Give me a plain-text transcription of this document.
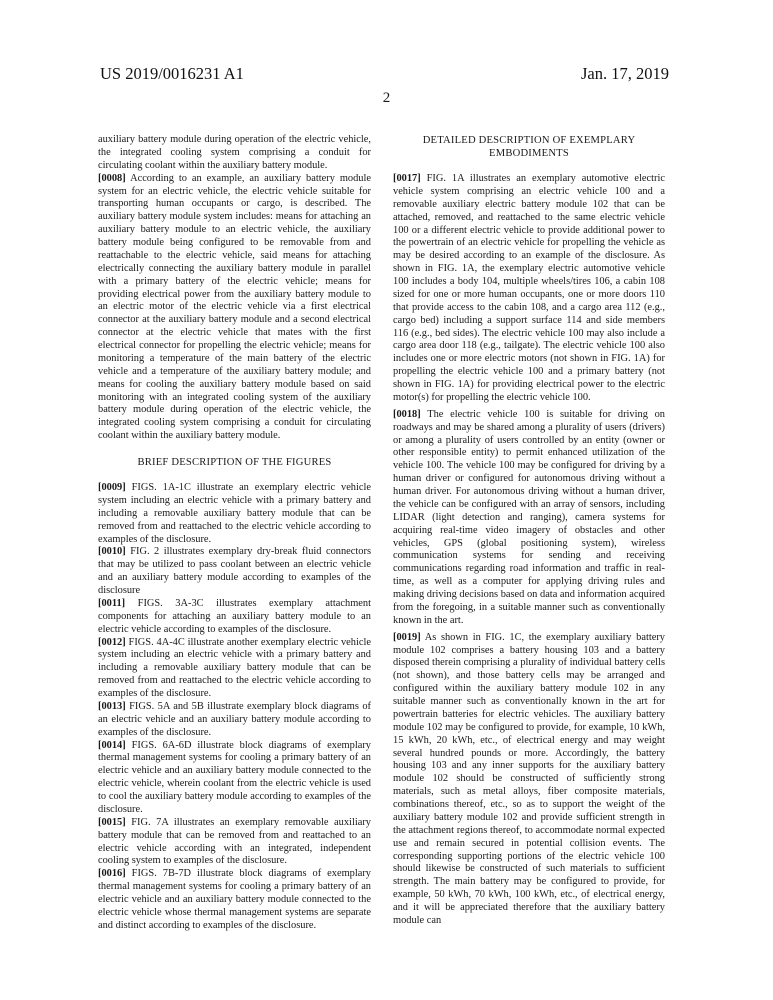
US 2019/0016231 A1	Jan. 17, 2019
2

auxiliary battery module during operation of the electric vehicle, the integrated cooling system comprising a conduit for circulating coolant within the auxiliary battery module.

[0008] According to an example, an auxiliary battery module system for an electric vehicle, the electric vehicle suitable for transporting human occupants or cargo, is described. The auxiliary battery module system includes: means for attaching an auxiliary battery module to an electric vehicle, the auxiliary battery module being configured to be removable from and reattachable to the electric vehicle, said means for attaching electrically connecting the auxiliary battery module in parallel with a primary battery of the electric vehicle; means for providing electrical power from the auxiliary battery module to an electric motor of the electric vehicle via a first electrical connector at the auxiliary battery module and a second electrical connector at the electric vehicle that mates with the first electrical connector for propelling the electric vehicle; means for monitoring a temperature of the main battery of the electric vehicle and a temperature of the auxiliary battery module; and means for cooling the auxiliary battery module based on said monitoring with an integrated cooling system of the auxiliary battery module during operation of the electric vehicle, the integrated cooling system comprising a conduit for circulating coolant within the auxiliary battery module.

BRIEF DESCRIPTION OF THE FIGURES

[0009] FIGS. 1A-1C illustrate an exemplary electric vehicle system including an electric vehicle with a primary battery and including a removable auxiliary battery module that can be removed from and reattached to the electric vehicle according to examples of the disclosure.

[0010] FIG. 2 illustrates exemplary dry-break fluid connectors that may be utilized to pass coolant between an electric vehicle and an auxiliary battery module according to examples of the disclosure

[0011] FIGS. 3A-3C illustrates exemplary attachment components for attaching an auxiliary battery module to an electric vehicle according to examples of the disclosure.

[0012] FIGS. 4A-4C illustrate another exemplary electric vehicle system including an electric vehicle with a primary battery and including a removable auxiliary battery module that can be removed from and reattached to the electric vehicle according to examples of the disclosure.

[0013] FIGS. 5A and 5B illustrate exemplary block diagrams of an electric vehicle and an auxiliary battery module according to examples of the disclosure.

[0014] FIGS. 6A-6D illustrate block diagrams of exemplary thermal management systems for cooling a primary battery of an electric vehicle and an auxiliary battery module connected to the electric vehicle, wherein coolant from the electric vehicle is used to cool the auxiliary battery module according to examples of the disclosure.

[0015] FIG. 7A illustrates an exemplary removable auxiliary battery module that can be removed from and reattached to an electric vehicle according with an integrated, independent cooling system to examples of the disclosure.

[0016] FIGS. 7B-7D illustrate block diagrams of exemplary thermal management systems for cooling a primary battery of an electric vehicle and an auxiliary battery module connected to the electric vehicle whose thermal management systems are separate and distinct according to examples of the disclosure.

DETAILED DESCRIPTION OF EXEMPLARY EMBODIMENTS

[0017] FIG. 1A illustrates an exemplary automotive electric vehicle system comprising an electric vehicle 100 and a removable auxiliary electric battery module 102 that can be attached, removed, and reattached to the same electric vehicle 100 or a different electric vehicle to provide additional power to the powertrain of an electric vehicle for propelling the vehicle as may be desired according to an example of the disclosure. As shown in FIG. 1A, the exemplary electric automotive vehicle 100 includes a body 104, multiple wheels/tires 106, a cabin 108 sized for one or more human occupants, one or more doors 110 that provide access to the cabin 108, and a cargo area 112 (e.g., cargo bed) including a support surface 114 and side members 116 (e.g., bed sides). The electric vehicle 100 may also include a cargo area door 118 (e.g., tailgate). The electric vehicle 100 also includes one or more electric motors (not shown in FIG. 1A) for propelling the electric vehicle 100 and a primary battery (not shown in FIG. 1A) for providing electrical power to the electric motor(s) for propelling the electric vehicle 100.

[0018] The electric vehicle 100 is suitable for driving on roadways and may be shared among a plurality of users (drivers) or among a plurality of users controlled by an entity (owner or other responsible entity) to permit enhanced utilization of the vehicle 100. The vehicle 100 may be configured for driving by a human driver or configured for autonomous driving without a human driver. For autonomous driving without a human driver, the vehicle can be configured with an array of sensors, including LIDAR (light detection and ranging), camera systems for acquiring real-time video imagery of obstacles and other vehicles, GPS (global positioning system), wireless communication systems for sending and receiving communications regarding road information and traffic in real-time, as well as a computer for applying driving rules and making driving decisions based on data and information acquired from the foregoing, in a suitable manner such as conventionally known in the art.

[0019] As shown in FIG. 1C, the exemplary auxiliary battery module 102 comprises a battery housing 103 and a battery disposed therein comprising a plurality of individual battery cells (not shown), and those battery cells may be arranged and configured within the auxiliary battery module 102 in any suitable manner such as conventionally known in the art for powertrain batteries for electric vehicles. The auxiliary battery module 102 may be configured to provide, for example, 10 kWh, 15 kWh, 20 kWh, etc., of electrical energy and may weight several hundred pounds or more. Accordingly, the battery housing 103 and any inner supports for the auxiliary battery module 102 should be constructed of sufficiently strong materials, such as metal alloys, fiber composite materials, combinations thereof, etc., so as to support the weight of the auxiliary battery module 102 and provide sufficient strength in the attachment regions thereof, to accommodate normal expected use and remain secured in potential collision events. The corresponding supporting portions of the electric vehicle 100 should likewise be constructed of such materials to sufficient strength. The main battery may be configured to provide, for example, 50 kWh, 70 kWh, 100 kWh, etc., of electrical energy, and it will be appreciated therefore that the auxiliary battery module can
